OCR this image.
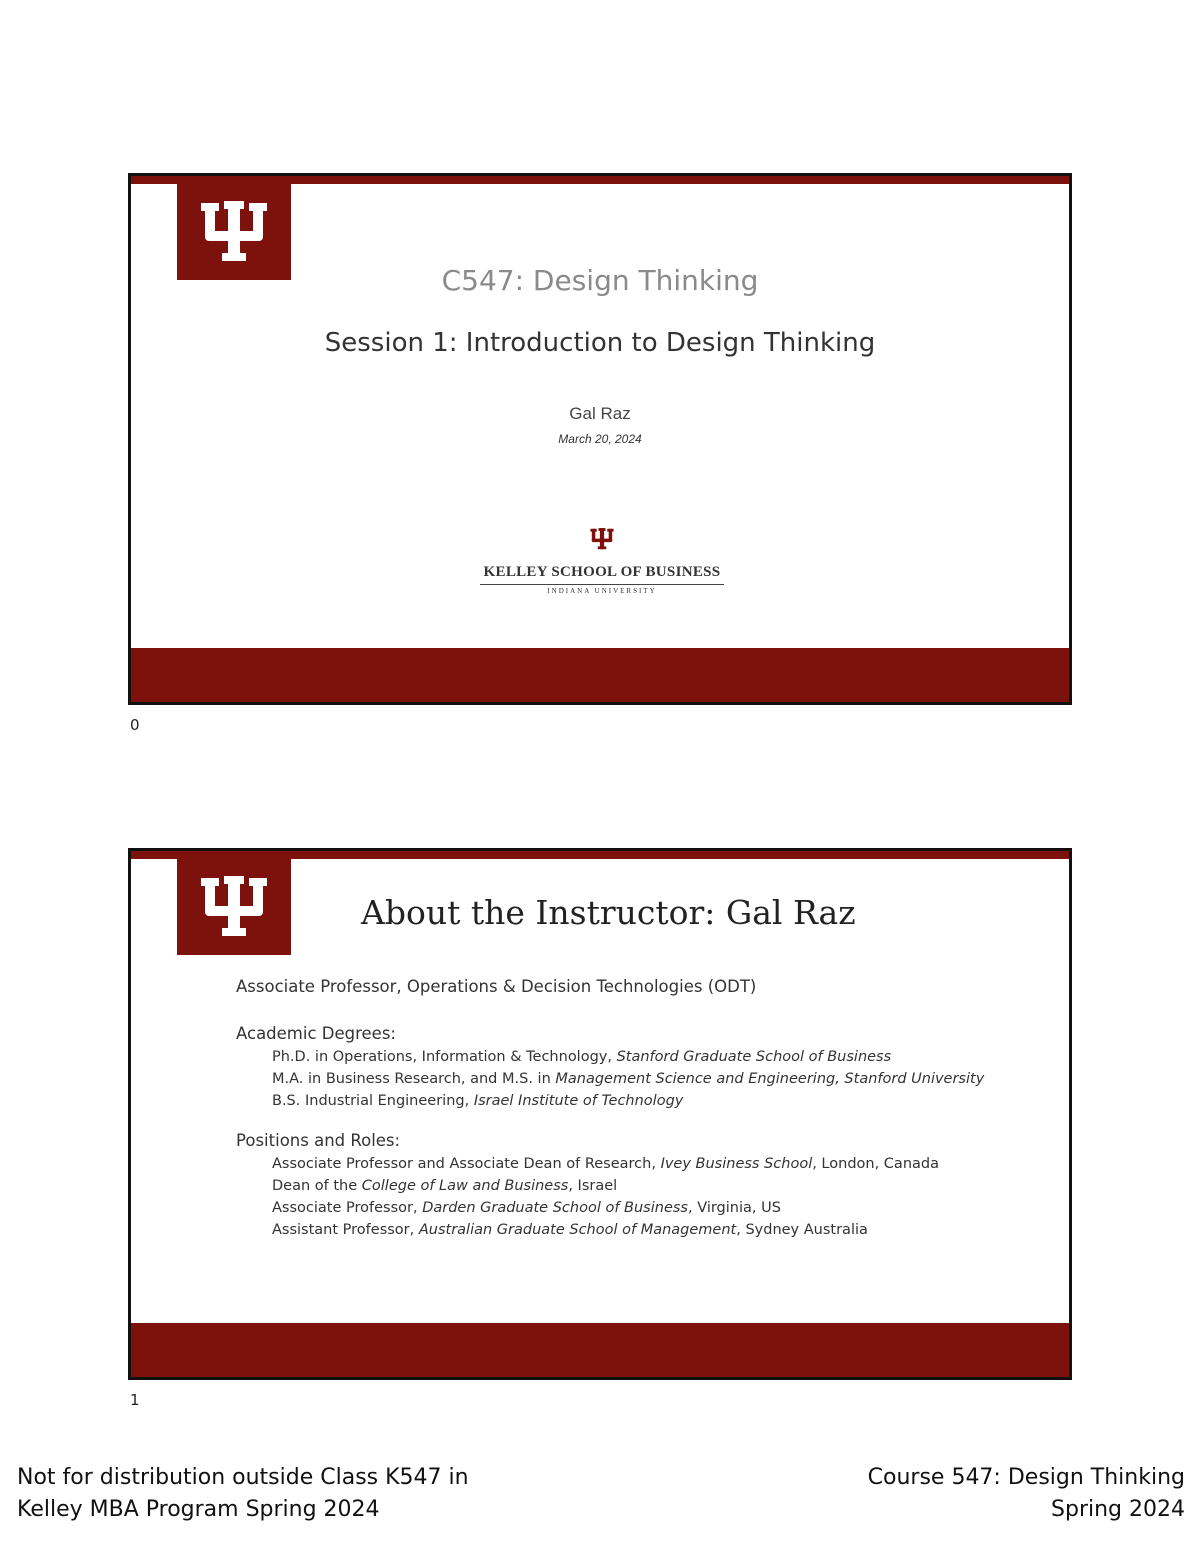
C547: Design Thinking
Session 1: Introduction to Design Thinking
Gal Raz
March 20, 2024
KELLEY SCHOOL OF BUSINESS
INDIANA UNIVERSITY
0
About the Instructor: Gal Raz
Associate Professor, Operations & Decision Technologies (ODT)
Academic Degrees:
Ph.D. in Operations, Information & Technology, Stanford Graduate School of Business
M.A. in Business Research, and M.S. in Management Science and Engineering, Stanford University
B.S. Industrial Engineering, Israel Institute of Technology
Positions and Roles:
Associate Professor and Associate Dean of Research, Ivey Business School, London, Canada
Dean of the College of Law and Business, Israel
Associate Professor, Darden Graduate School of Business, Virginia, US
Assistant Professor, Australian Graduate School of Management, Sydney Australia
1
Not for distribution outside Class K547 in
Kelley MBA Program Spring 2024
Course 547: Design Thinking
Spring 2024
